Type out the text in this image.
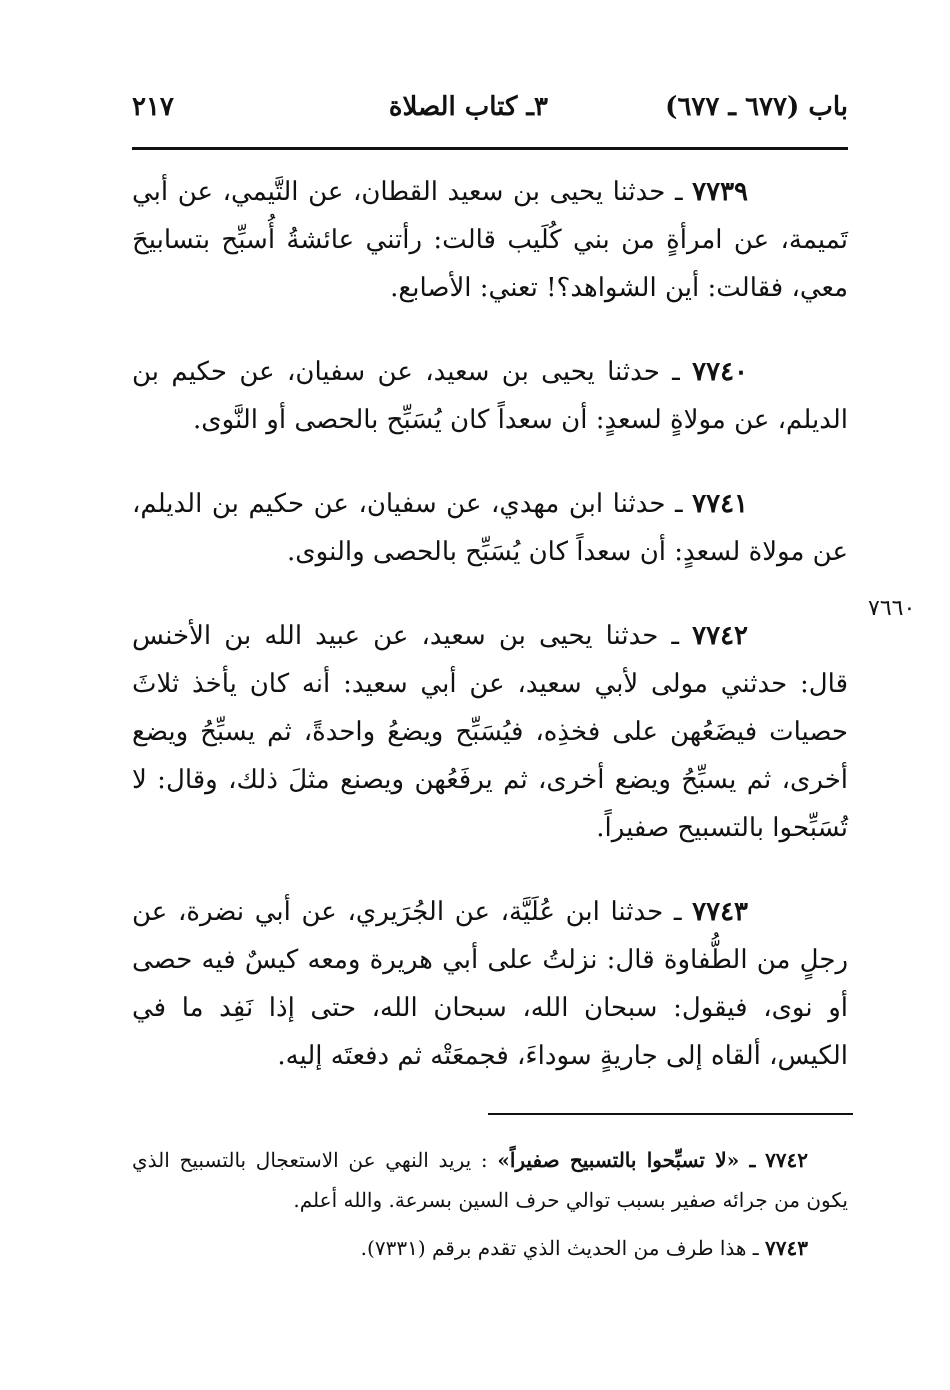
باب (٦٧٧ ـ ٦٧٧)
٣ـ كتاب الصلاة
٢١٧
٧٦٦٠

٧٧٣٩ ـ حدثنا يحيى بن سعيد القطان، عن التَّيمي، عن أبي تَميمة، عن امرأةٍ من بني كُلَيب قالت: رأتني عائشةُ أُسبِّح بتسابيحَ معي، فقالت: أين الشواهد؟! تعني: الأصابع.

٧٧٤٠ ـ حدثنا يحيى بن سعيد، عن سفيان، عن حكيم بن الديلم، عن مولاةٍ لسعدٍ: أن سعداً كان يُسَبِّح بالحصى أو النَّوى.

٧٧٤١ ـ حدثنا ابن مهدي، عن سفيان، عن حكيم بن الديلم، عن مولاة لسعدٍ: أن سعداً كان يُسَبِّح بالحصى والنوى.

٧٧٤٢ ـ حدثنا يحيى بن سعيد، عن عبيد الله بن الأخنس قال: حدثني مولى لأبي سعيد، عن أبي سعيد: أنه كان يأخذ ثلاثَ حصيات فيضَعُهن على فخذِه، فيُسَبِّح ويضعُ واحدةً، ثم يسبِّحُ ويضع أخرى، ثم يسبِّحُ ويضع أخرى، ثم يرفَعُهن ويصنع مثلَ ذلك، وقال: لا تُسَبِّحوا بالتسبيح صفيراً.

٧٧٤٣ ـ حدثنا ابن عُلَيَّة، عن الجُرَيري، عن أبي نضرة، عن رجلٍ من الطُّفاوة قال: نزلتُ على أبي هريرة ومعه كيسٌ فيه حصى أو نوى، فيقول: سبحان الله، سبحان الله، حتى إذا نَفِد ما في الكيس، ألقاه إلى جاريةٍ سوداءَ، فجمعَتْه ثم دفعتَه إليه.

٧٧٤٢ ـ «لا تسبِّحوا بالتسبيح صفيراً» : يريد النهي عن الاستعجال بالتسبيح الذي يكون من جرائه صفير بسبب توالي حرف السين بسرعة. والله أعلم.

٧٧٤٣ ـ هذا طرف من الحديث الذي تقدم برقم (٧٣٣١).
